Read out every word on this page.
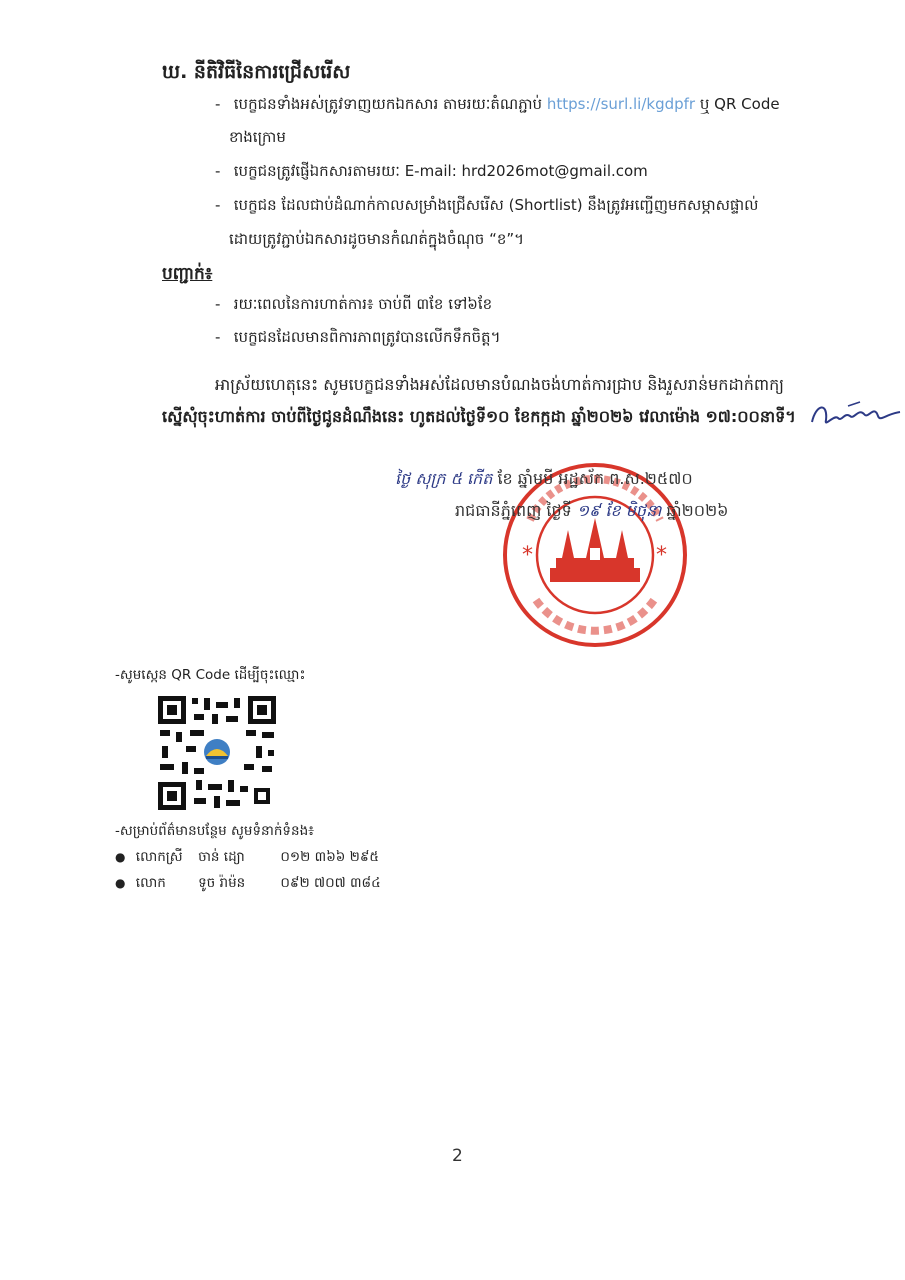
ឃ. នីតិវិធីនៃការជ្រើសរើស
- បេក្ខជនទាំងអស់ត្រូវទាញយកឯកសារ តាមរយៈតំណភ្ជាប់ https://surl.li/kgdpfr ឬ QR Code
ខាងក្រោម
- បេក្ខជនត្រូវផ្ញើឯកសារតាមរយៈ E-mail: hrd2026mot@gmail.com
- បេក្ខជន ដែលជាប់ដំណាក់កាលសម្រាំងជ្រើសរើស (Shortlist) នឹងត្រូវអញ្ជើញមកសម្ភាសផ្ទាល់
ដោយត្រូវភ្ជាប់ឯកសារដូចមានកំណត់ក្នុងចំណុច “ខ”។
បញ្ជាក់៖
- រយៈពេលនៃការហាត់ការ៖ ចាប់ពី ៣ខែ ទៅ៦ខែ
- បេក្ខជនដែលមានពិការភាពត្រូវបានលើកទឹកចិត្ត។
អាស្រ័យហេតុនេះ សូមបេក្ខជនទាំងអស់ដែលមានបំណងចង់ហាត់ការជ្រាប និងរួសរាន់មកដាក់ពាក្យ
ស្នើសុំចុះហាត់ការ ចាប់ពីថ្ងៃជូនដំណឹងនេះ ហូតដល់ថ្ងៃទី១០ ខែកក្កដា ឆ្នាំ២០២៦ វេលាម៉ោង ១៧:០០នាទី។
*	*
ថ្ងៃ សុក្រ ៥ កើត ខែ ឆ្នាំមមី អដ្ឋស័ក ព.ស.២៥៧០
រាជធានីភ្នំពេញ ថ្ងៃទី ១៩ ខែ មិថុនា ឆ្នាំ២០២៦
-សូមស្កេន QR Code ដើម្បីចុះឈ្មោះ
-សម្រាប់ព័ត៌មានបន្ថែម សូមទំនាក់ទំនង៖
● លោកស្រី ចាន់ ដ្យោ	០១២ ៣៦៦ ២៩៥
● លោក ទូច រ៉ាម៉ន	០៩២ ៧០៧ ៣៨៤
2
